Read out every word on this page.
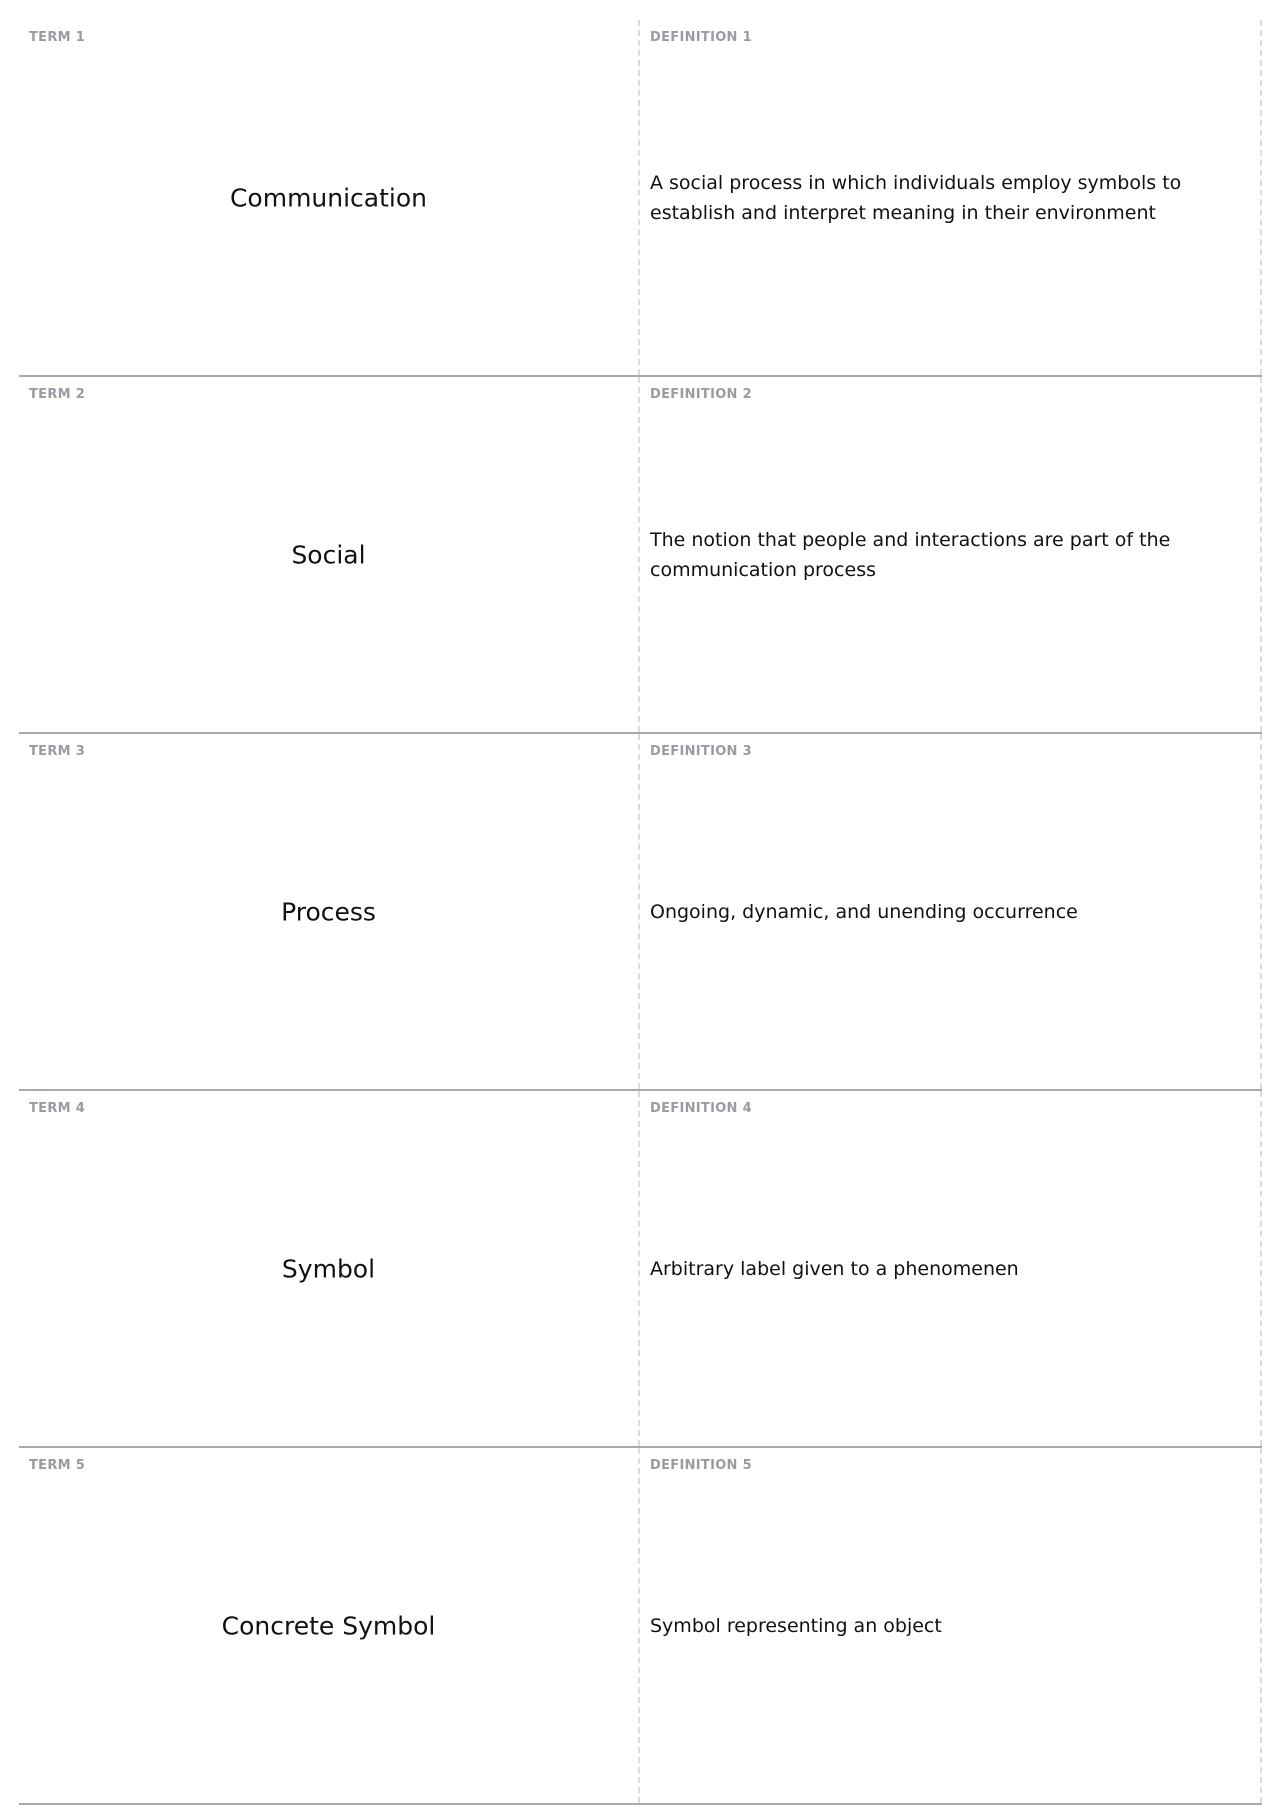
TERM 1
Communication
DEFINITION 1
A social process in which individuals employ symbols to establish and interpret meaning in their environment
TERM 2
Social
DEFINITION 2
The notion that people and interactions are part of the communication process
TERM 3
Process
DEFINITION 3
Ongoing, dynamic, and unending occurrence
TERM 4
Symbol
DEFINITION 4
Arbitrary label given to a phenomenen
TERM 5
Concrete Symbol
DEFINITION 5
Symbol representing an object
